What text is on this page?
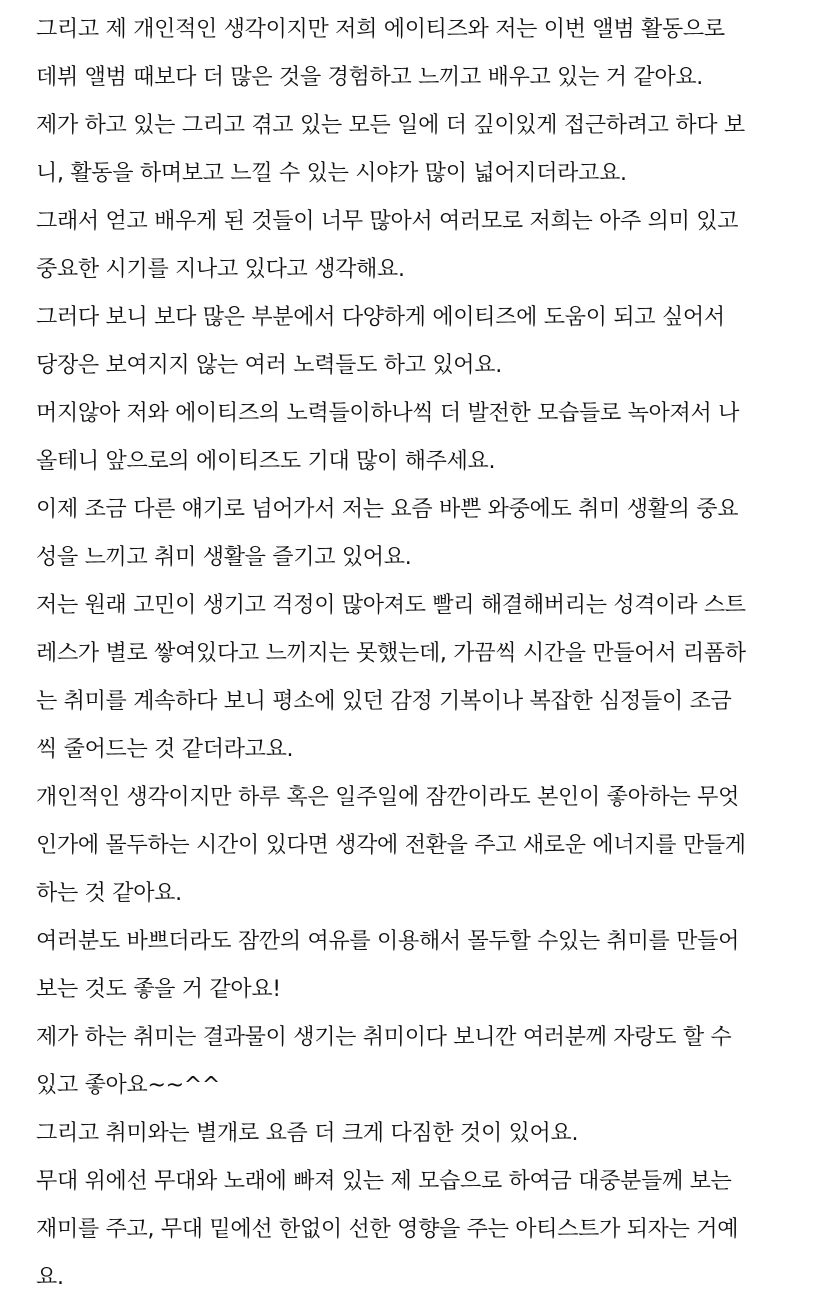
그리고 제 개인적인 생각이지만 저희 에이티즈와 저는 이번 앨범 활동으로
데뷔 앨범 때보다 더 많은 것을 경험하고 느끼고 배우고 있는 거 같아요.
제가 하고 있는 그리고 겪고 있는 모든 일에 더 깊이있게 접근하려고 하다 보
니, 활동을 하며보고 느낄 수 있는 시야가 많이 넓어지더라고요.
그래서 얻고 배우게 된 것들이 너무 많아서 여러모로 저희는 아주 의미 있고
중요한 시기를 지나고 있다고 생각해요.
그러다 보니 보다 많은 부분에서 다양하게 에이티즈에 도움이 되고 싶어서
당장은 보여지지 않는 여러 노력들도 하고 있어요.
머지않아 저와 에이티즈의 노력들이하나씩 더 발전한 모습들로 녹아져서 나
올테니 앞으로의 에이티즈도 기대 많이 해주세요.
이제 조금 다른 얘기로 넘어가서 저는 요즘 바쁜 와중에도 취미 생활의 중요
성을 느끼고 취미 생활을 즐기고 있어요.
저는 원래 고민이 생기고 걱정이 많아져도 빨리 해결해버리는 성격이라 스트
레스가 별로 쌓여있다고 느끼지는 못했는데, 가끔씩 시간을 만들어서 리폼하
는 취미를 계속하다 보니 평소에 있던 감정 기복이나 복잡한 심정들이 조금
씩 줄어드는 것 같더라고요.
개인적인 생각이지만 하루 혹은 일주일에 잠깐이라도 본인이 좋아하는 무엇
인가에 몰두하는 시간이 있다면 생각에 전환을 주고 새로운 에너지를 만들게
하는 것 같아요.
여러분도 바쁘더라도 잠깐의 여유를 이용해서 몰두할 수있는 취미를 만들어
보는 것도 좋을 거 같아요!
제가 하는 취미는 결과물이 생기는 취미이다 보니깐 여러분께 자랑도 할 수
있고 좋아요~~^^
그리고 취미와는 별개로 요즘 더 크게 다짐한 것이 있어요.
무대 위에선 무대와 노래에 빠져 있는 제 모습으로 하여금 대중분들께 보는
재미를 주고, 무대 밑에선 한없이 선한 영향을 주는 아티스트가 되자는 거예
요.
